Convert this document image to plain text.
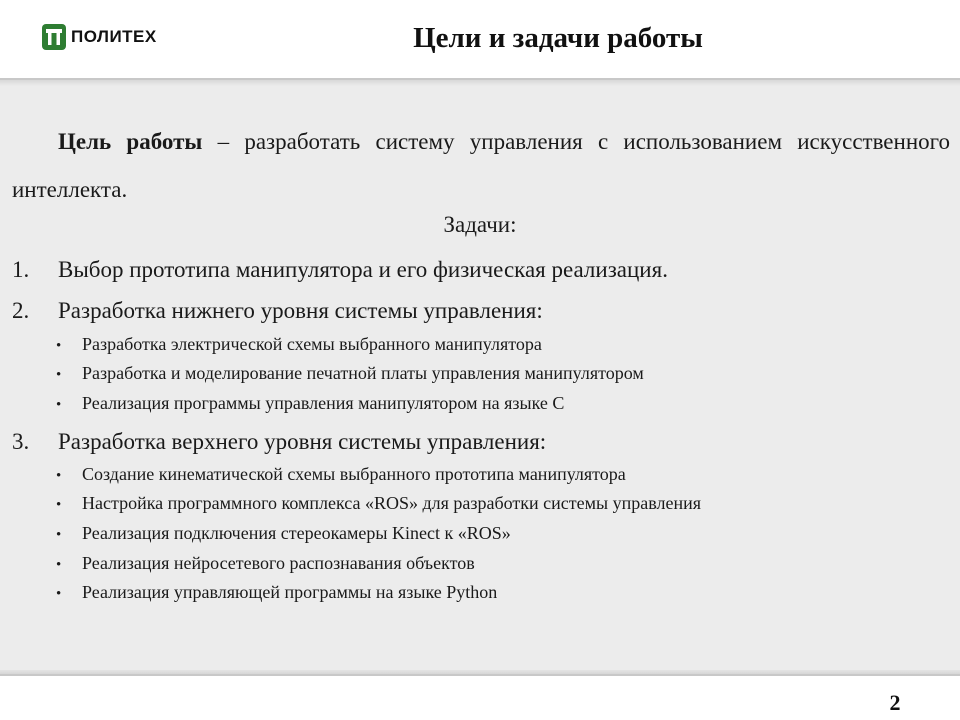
ПОЛИТЕХ	Цели и задачи работы
Цель работы – разработать систему управления с использованием искусственного интеллекта.
Задачи:
1. Выбор прототипа манипулятора и его физическая реализация.
2. Разработка нижнего уровня системы управления:
• Разработка электрической схемы выбранного манипулятора
• Разработка и моделирование печатной платы управления манипулятором
• Реализация программы управления манипулятором на языке С
3. Разработка верхнего уровня системы управления:
• Создание кинематической схемы выбранного прототипа манипулятора
• Настройка программного комплекса «ROS» для разработки системы управления
• Реализация подключения стереокамеры Kinect к «ROS»
• Реализация нейросетевого распознавания объектов
• Реализация управляющей программы на языке Python
2
